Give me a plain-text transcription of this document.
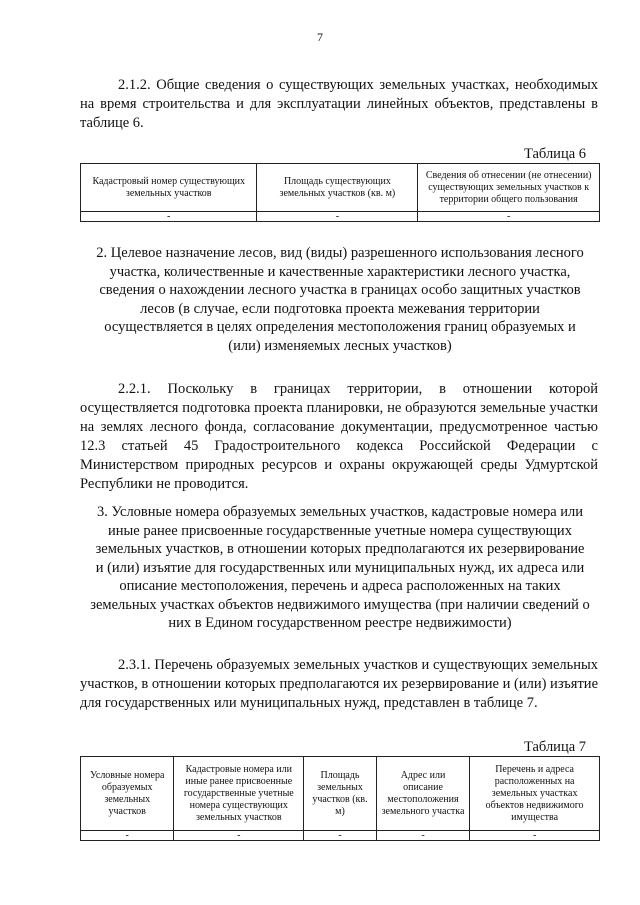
7
2.1.2. Общие сведения о существующих земельных участках, необходимых на время строительства и для эксплуатации линейных объектов, представлены в таблице 6.
Таблица 6
Кадастровый номер существующих земельных участков	Площадь существующих земельных участков (кв. м)	Сведения об отнесении (не отнесении) существующих земельных участков к территории общего пользования
-	-	-
2. Целевое назначение лесов, вид (виды) разрешенного использования лесного участка, количественные и качественные характеристики лесного участка, сведения о нахождении лесного участка в границах особо защитных участков лесов (в случае, если подготовка проекта межевания территории осуществляется в целях определения местоположения границ образуемых и (или) изменяемых лесных участков)
2.2.1. Поскольку в границах территории, в отношении которой осуществляется подготовка проекта планировки, не образуются земельные участки на землях лесного фонда, согласование документации, предусмотренное частью 12.3 статьей 45 Градостроительного кодекса Российской Федерации с Министерством природных ресурсов и охраны окружающей среды Удмуртской Республики не проводится.
3. Условные номера образуемых земельных участков, кадастровые номера или иные ранее присвоенные государственные учетные номера существующих земельных участков, в отношении которых предполагаются их резервирование и (или) изъятие для государственных или муниципальных нужд, их адреса или описание местоположения, перечень и адреса расположенных на таких земельных участках объектов недвижимого имущества (при наличии сведений о них в Едином государственном реестре недвижимости)
2.3.1. Перечень образуемых земельных участков и существующих земельных участков, в отношении которых предполагаются их резервирование и (или) изъятие для государственных или муниципальных нужд, представлен в таблице 7.
Таблица 7
Условные номера образуемых земельных участков	Кадастровые номера или иные ранее присвоенные государственные учетные номера существующих земельных участков	Площадь земельных участков (кв. м)	Адрес или описание местоположения земельного участка	Перечень и адреса расположенных на земельных участках объектов недвижимого имущества
-	-	-	-	-
